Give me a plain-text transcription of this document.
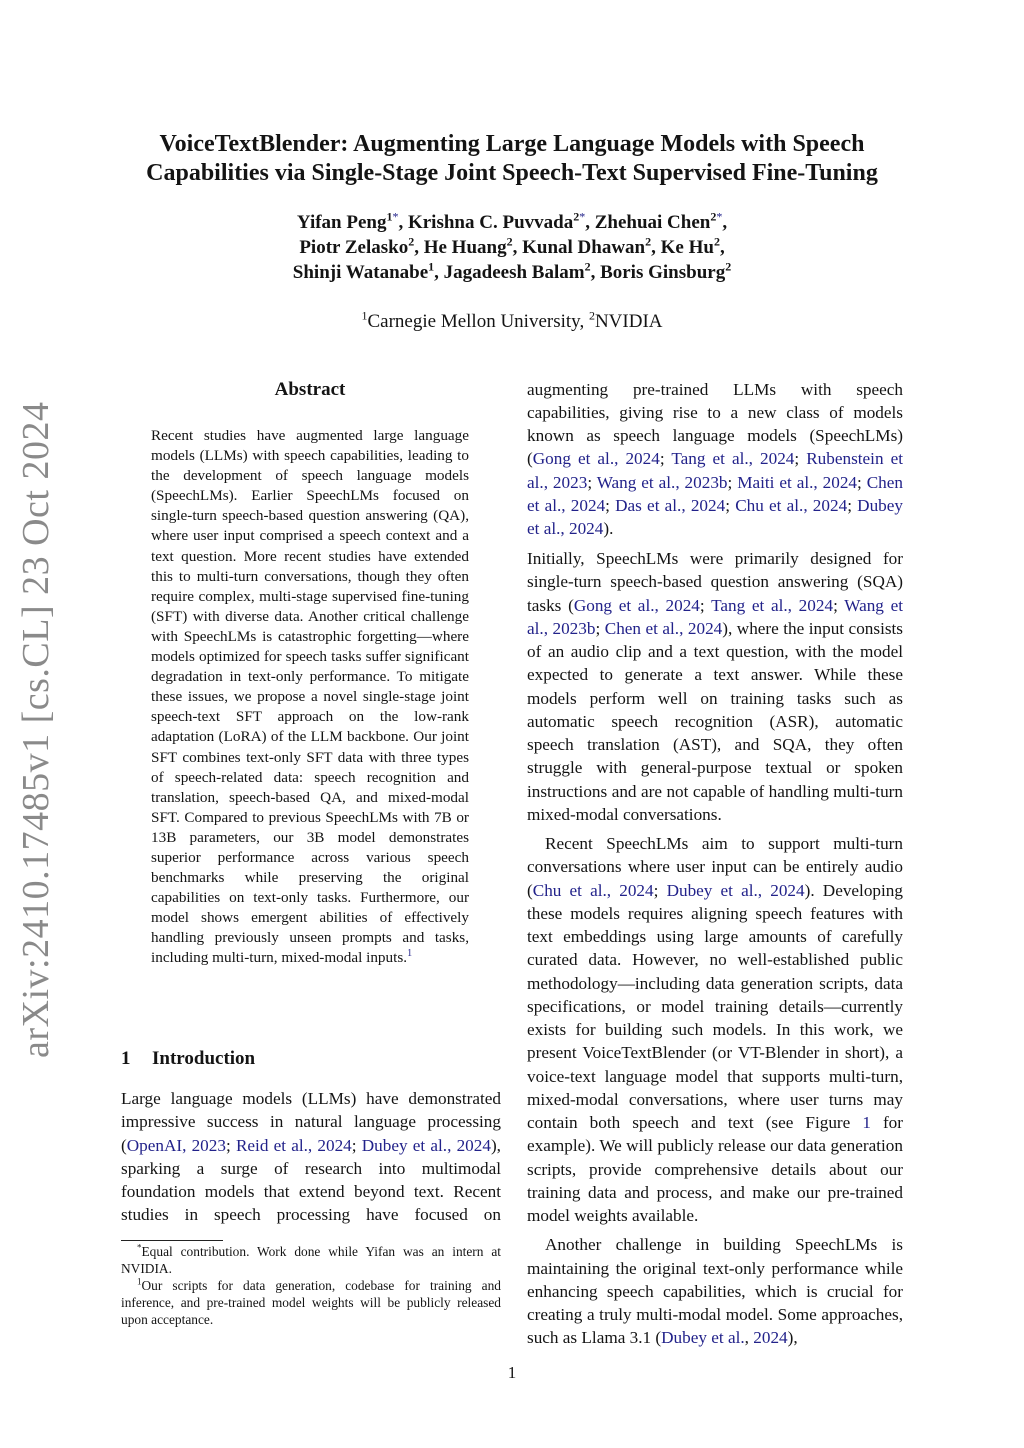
arXiv:2410.17485v1 [cs.CL] 23 Oct 2024
VoiceTextBlender: Augmenting Large Language Models with Speech
Capabilities via Single-Stage Joint Speech-Text Supervised Fine-Tuning
Yifan Peng$^{1*}$, Krishna C. Puvvada$^{2*}$, Zhehuai Chen$^{2*}$,
Piotr Zelasko$^2$, He Huang$^2$, Kunal Dhawan$^2$, Ke Hu$^2$,
Shinji Watanabe$^1$, Jagadeesh Balam$^2$, Boris Ginsburg$^2$
$^1$Carnegie Mellon University, $^2$NVIDIA
Abstract
Recent studies have augmented large language models (LLMs) with speech capabilities, leading to the development of speech language models (SpeechLMs). Earlier SpeechLMs focused on single-turn speech-based question answering (QA), where user input comprised a speech context and a text question. More recent studies have extended this to multi-turn conversations, though they often require complex, multi-stage supervised fine-tuning (SFT) with diverse data. Another critical challenge with SpeechLMs is catastrophic forgetting—where models optimized for speech tasks suffer significant degradation in text-only performance. To mitigate these issues, we propose a novel single-stage joint speech-text SFT approach on the low-rank adaptation (LoRA) of the LLM backbone. Our joint SFT combines text-only SFT data with three types of speech-related data: speech recognition and translation, speech-based QA, and mixed-modal SFT. Compared to previous SpeechLMs with 7B or 13B parameters, our 3B model demonstrates superior performance across various speech benchmarks while preserving the original capabilities on text-only tasks. Furthermore, our model shows emergent abilities of effectively handling previously unseen prompts and tasks, including multi-turn, mixed-modal inputs.$^1$
1 Introduction
Large language models (LLMs) have demonstrated impressive success in natural language processing (OpenAI, 2023; Reid et al., 2024; Dubey et al., 2024), sparking a surge of research into multimodal foundation models that extend beyond text. Recent studies in speech processing have focused on
augmenting pre-trained LLMs with speech capabilities, giving rise to a new class of models known as speech language models (SpeechLMs) (Gong et al., 2024; Tang et al., 2024; Rubenstein et al., 2023; Wang et al., 2023b; Maiti et al., 2024; Chen et al., 2024; Das et al., 2024; Chu et al., 2024; Dubey et al., 2024).
Initially, SpeechLMs were primarily designed for single-turn speech-based question answering (SQA) tasks (Gong et al., 2024; Tang et al., 2024; Wang et al., 2023b; Chen et al., 2024), where the input consists of an audio clip and a text question, with the model expected to generate a text answer. While these models perform well on training tasks such as automatic speech recognition (ASR), automatic speech translation (AST), and SQA, they often struggle with general-purpose textual or spoken instructions and are not capable of handling multi-turn mixed-modal conversations.
Recent SpeechLMs aim to support multi-turn conversations where user input can be entirely audio (Chu et al., 2024; Dubey et al., 2024). Developing these models requires aligning speech features with text embeddings using large amounts of carefully curated data. However, no well-established public methodology—including data generation scripts, data specifications, or model training details—currently exists for building such models. In this work, we present VoiceTextBlender (or VT-Blender in short), a voice-text language model that supports multi-turn, mixed-modal conversations, where user turns may contain both speech and text (see Figure 1 for example). We will publicly release our data generation scripts, provide comprehensive details about our training data and process, and make our pre-trained model weights available.
Another challenge in building SpeechLMs is maintaining the original text-only performance while enhancing speech capabilities, which is crucial for creating a truly multi-modal model. Some approaches, such as Llama 3.1 (Dubey et al., 2024),
*Equal contribution. Work done while Yifan was an intern at NVIDIA.
$^1$Our scripts for data generation, codebase for training and inference, and pre-trained model weights will be publicly released upon acceptance.
1
